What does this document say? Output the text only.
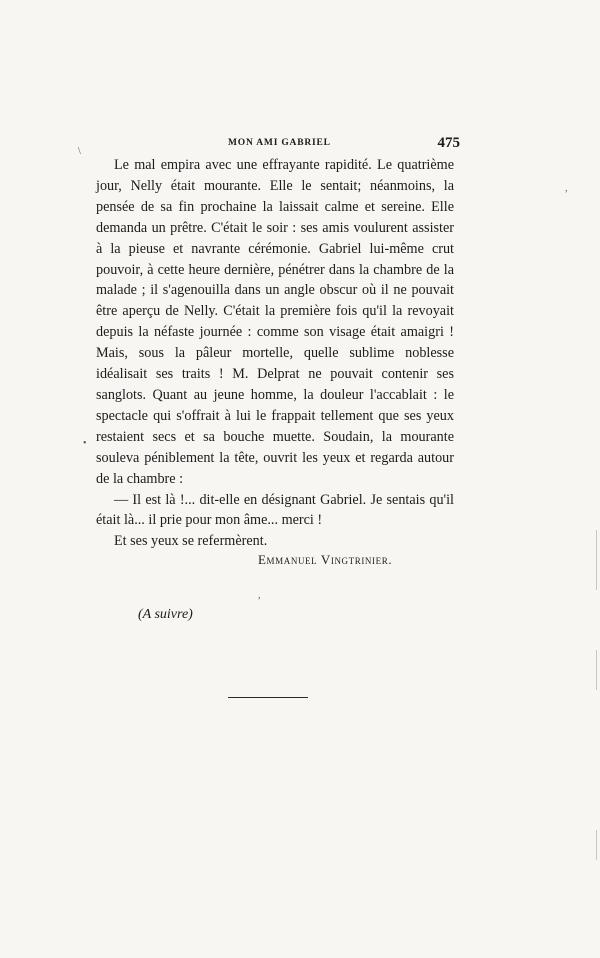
MON AMI GABRIEL	475

Le mal empira avec une effrayante rapidité. Le quatrième jour, Nelly était mourante. Elle le sentait; néanmoins, la pensée de sa fin prochaine la laissait calme et sereine. Elle demanda un prêtre. C'était le soir : ses amis voulurent assister à la pieuse et navrante cérémonie. Gabriel lui-même crut pouvoir, à cette heure dernière, pénétrer dans la chambre de la malade ; il s'agenouilla dans un angle obscur où il ne pouvait être aperçu de Nelly. C'était la première fois qu'il la revoyait depuis la néfaste journée : comme son visage était amaigri ! Mais, sous la pâleur mortelle, quelle sublime noblesse idéalisait ses traits ! M. Delprat ne pouvait contenir ses sanglots. Quant au jeune homme, la douleur l'accablait : le spectacle qui s'offrait à lui le frappait tellement que ses yeux restaient secs et sa bouche muette. Soudain, la mourante souleva péniblement la tête, ouvrit les yeux et regarda autour de la chambre :

— Il est là !... dit-elle en désignant Gabriel. Je sentais qu'il était là... il prie pour mon âme... merci !

Et ses yeux se refermèrent.

Emmanuel Vingtrinier.
(A suivre)
\
•
,
,
